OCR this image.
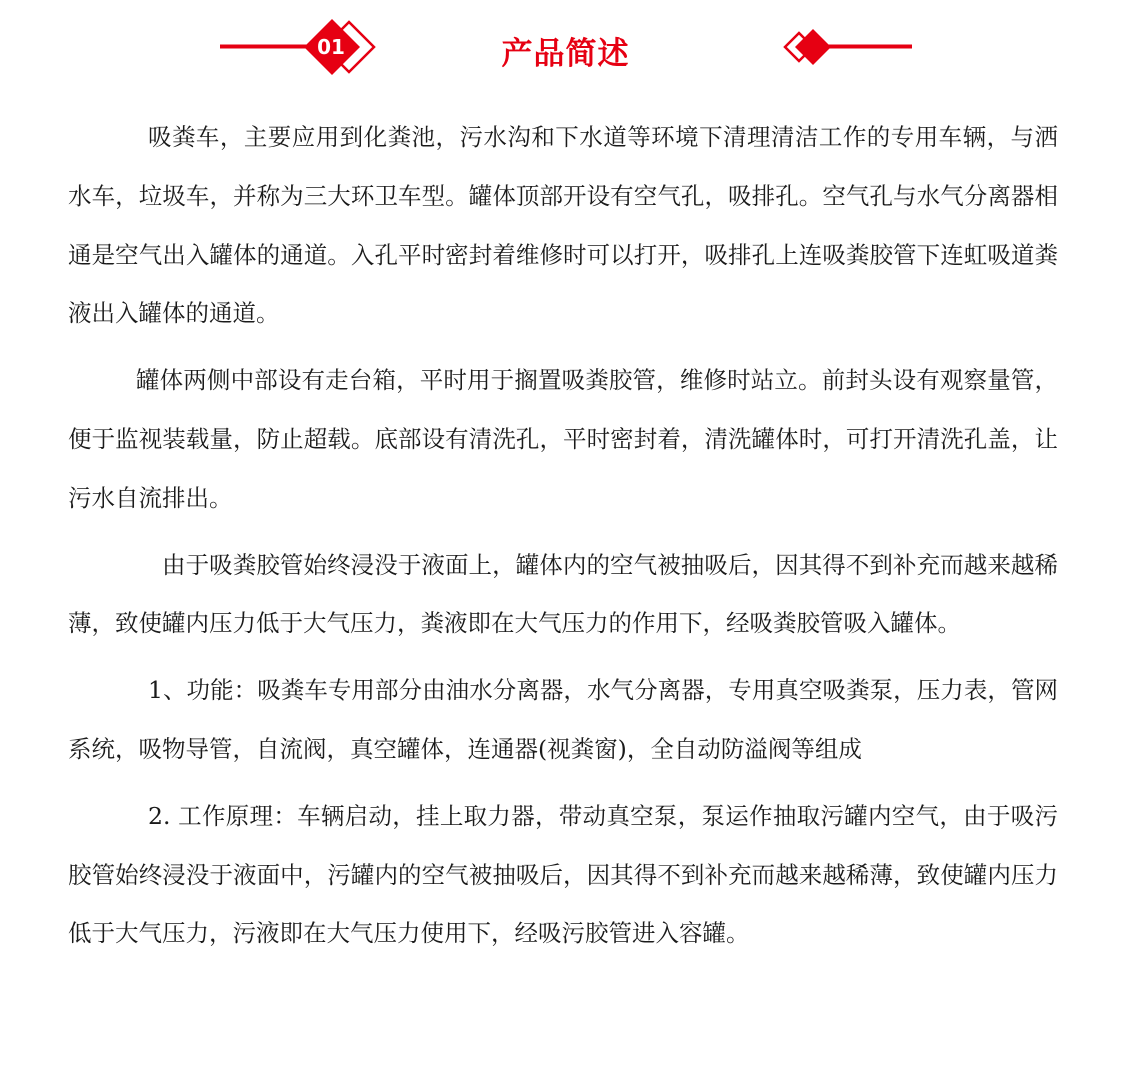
01	产品简述

吸粪车，主要应用到化粪池，污水沟和下水道等环境下清理清洁工作的专用车辆，与洒水车，垃圾车，并称为三大环卫车型。罐体顶部开设有空气孔，吸排孔。空气孔与水气分离器相通是空气出入罐体的通道。入孔平时密封着维修时可以打开，吸排孔上连吸粪胶管下连虹吸道粪液出入罐体的通道。

罐体两侧中部设有走台箱，平时用于搁置吸粪胶管，维修时站立。前封头设有观察量管，便于监视装载量，防止超载。底部设有清洗孔，平时密封着，清洗罐体时，可打开清洗孔盖，让污水自流排出。

由于吸粪胶管始终浸没于液面上，罐体内的空气被抽吸后，因其得不到补充而越来越稀薄，致使罐内压力低于大气压力，粪液即在大气压力的作用下，经吸粪胶管吸入罐体。

1、功能：吸粪车专用部分由油水分离器，水气分离器，专用真空吸粪泵，压力表，管网系统，吸物导管，自流阀，真空罐体，连通器(视粪窗)，全自动防溢阀等组成

2. 工作原理：车辆启动，挂上取力器，带动真空泵，泵运作抽取污罐内空气，由于吸污胶管始终浸没于液面中，污罐内的空气被抽吸后，因其得不到补充而越来越稀薄，致使罐内压力低于大气压力，污液即在大气压力使用下，经吸污胶管进入容罐。
